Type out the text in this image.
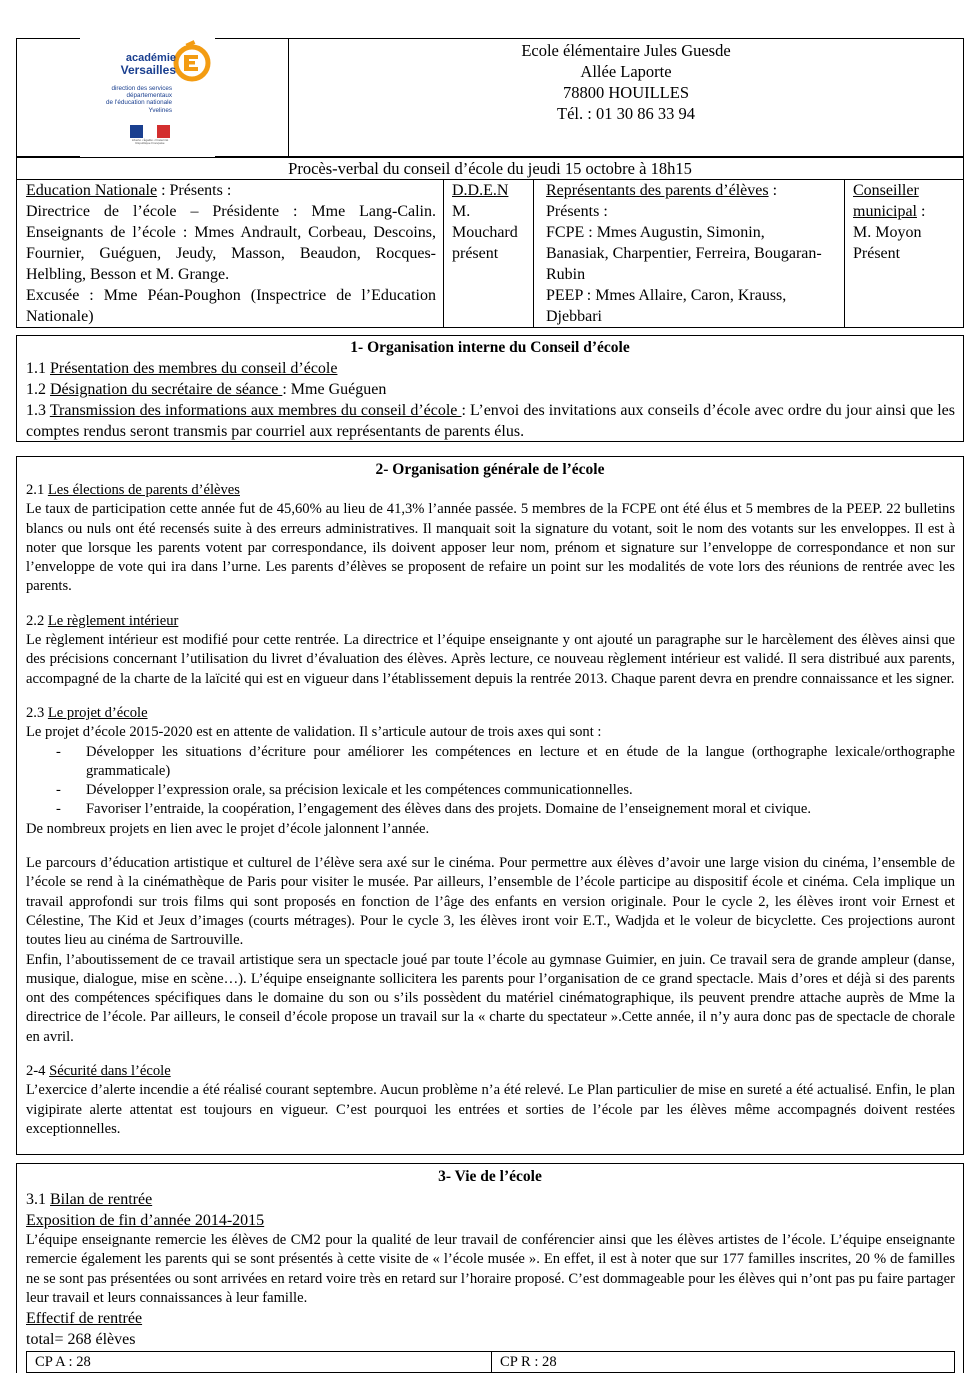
Ecole élémentaire Jules Guesde
Allée Laporte
78800 HOUILLES
Tél. : 01 30 86 33 94
académie
Versailles
direction des services
départementaux
de l'éducation nationale
Yvelines
Liberté • Égalité • Fraternité
République Française
Procès-verbal du conseil d’école du jeudi 15 octobre à 18h15
Education Nationale : Présents :
Directrice de l’école – Présidente : Mme Lang-Calin.
Enseignants de l’école : Mmes Andrault, Corbeau, Descoins, Fournier, Guéguen, Jeudy, Masson, Beaudon, Rocques-Helbling, Besson et M. Grange.
Excusée : Mme Péan-Poughon (Inspectrice de l’Education Nationale)
D.D.E.N
M. Mouchard
présent
Représentants des parents d’élèves :
Présents :
FCPE : Mmes Augustin, Simonin, Banasiak, Charpentier, Ferreira, Bougaran-Rubin
PEEP : Mmes Allaire, Caron, Krauss, Djebbari
Conseiller municipal :
M. Moyon
Présent
1- Organisation interne du Conseil d’école
1.1 Présentation des membres du conseil d’école
1.2 Désignation du secrétaire de séance : Mme Guéguen
1.3 Transmission des informations aux membres du conseil d’école : L’envoi des invitations aux conseils d’école avec ordre du jour ainsi que les comptes rendus seront transmis par courriel aux représentants de parents élus.
2- Organisation générale de l’école
2.1 Les élections de parents d’élèves

Le taux de participation cette année fut de 45,60% au lieu de 41,3% l’année passée. 5 membres de la FCPE ont été élus et 5 membres de la PEEP. 22 bulletins blancs ou nuls ont été recensés suite à des erreurs administratives. Il manquait soit la signature du votant, soit le nom des votants sur les enveloppes. Il est à noter que lorsque les parents votent par correspondance, ils doivent apposer leur nom, prénom et signature sur l’enveloppe de correspondance et non sur l’enveloppe de vote qui ira dans l’urne. Les parents d’élèves se proposent de refaire un point sur les modalités de vote lors des réunions de rentrée avec les parents.

2.2 Le règlement intérieur

Le règlement intérieur est modifié pour cette rentrée. La directrice et l’équipe enseignante y ont ajouté un paragraphe sur le harcèlement des élèves ainsi que des précisions concernant l’utilisation du livret d’évaluation des élèves. Après lecture, ce nouveau règlement intérieur est validé. Il sera distribué aux parents, accompagné de la charte de la laïcité qui est en vigueur dans l’établissement depuis la rentrée 2013. Chaque parent devra en prendre connaissance et les signer.

2.3 Le projet d’école

Le projet d’école 2015-2020 est en attente de validation. Il s’articule autour de trois axes qui sont :

- Développer les situations d’écriture pour améliorer les compétences en lecture et en étude de la langue (orthographe lexicale/orthographe grammaticale)
- Développer l’expression orale, sa précision lexicale et les compétences communicationnelles.
- Favoriser l’entraide, la coopération, l’engagement des élèves dans des projets. Domaine de l’enseignement moral et civique.

De nombreux projets en lien avec le projet d’école jalonnent l’année.

Le parcours d’éducation artistique et culturel de l’élève sera axé sur le cinéma. Pour permettre aux élèves d’avoir une large vision du cinéma, l’ensemble de l’école se rend à la cinémathèque de Paris pour visiter le musée. Par ailleurs, l’ensemble de l’école participe au dispositif école et cinéma. Cela implique un travail approfondi sur trois films qui sont proposés en fonction de l’âge des enfants en version originale. Pour le cycle 2, les élèves iront voir Ernest et Célestine, The Kid et Jeux d’images (courts métrages). Pour le cycle 3, les élèves iront voir E.T., Wadjda et le voleur de bicyclette. Ces projections auront toutes lieu au cinéma de Sartrouville.

Enfin, l’aboutissement de ce travail artistique sera un spectacle joué par toute l’école au gymnase Guimier, en juin. Ce travail sera de grande ampleur (danse, musique, dialogue, mise en scène…). L’équipe enseignante sollicitera les parents pour l’organisation de ce grand spectacle. Mais d’ores et déjà si des parents ont des compétences spécifiques dans le domaine du son ou s’ils possèdent du matériel cinématographique, ils peuvent prendre attache auprès de Mme la directrice de l’école. Par ailleurs, le conseil d’école propose un travail sur la « charte du spectateur ».Cette année, il n’y aura donc pas de spectacle de chorale en avril.

2-4 Sécurité dans l’école

L’exercice d’alerte incendie a été réalisé courant septembre. Aucun problème n’a été relevé. Le Plan particulier de mise en sureté a été actualisé. Enfin, le plan vigipirate alerte attentat est toujours en vigueur. C’est pourquoi les entrées et sorties de l’école par les élèves même accompagnés doivent restées exceptionnelles.

3- Vie de l’école
3.1 Bilan de rentrée
Exposition de fin d’année 2014-2015

L’équipe enseignante remercie les élèves de CM2 pour la qualité de leur travail de conférencier ainsi que les élèves artistes de l’école. L’équipe enseignante remercie également les parents qui se sont présentés à cette visite de « l’école musée ». En effet, il est à noter que sur 177 familles inscrites, 20 % de familles ne se sont pas présentées ou sont arrivées en retard voire très en retard sur l’horaire proposé. C’est dommageable pour les élèves qui n’ont pas pu faire partager leur travail et leurs connaissances à leur famille.

Effectif de rentrée
total= 268 élèves
CP A : 28	CP R : 28
